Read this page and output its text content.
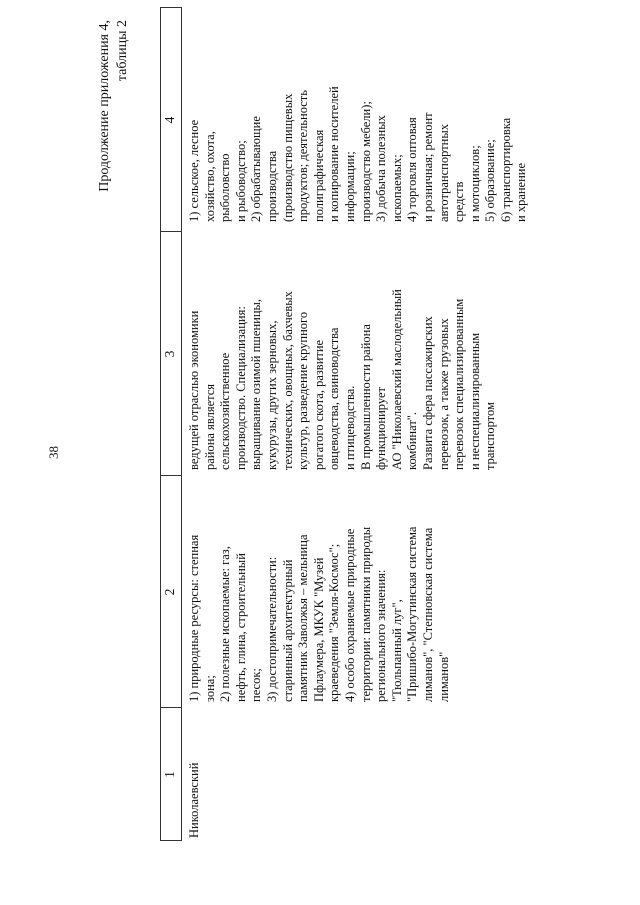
38
Продолжение приложения 4, таблицы 2
1
2
3
4
Николаевский
1) природные ресурсы: степная зона; 2) полезные ископаемые: газ, нефть, глина, строительный песок; 3) достопримечательности: старинный архитектурный памятник Заволжья – мельница Пфлаумера, МКУК "Музей краеведения "Земля-Космос"; 4) особо охраняемые природные территории: памятники природы регионального значения: "Тюльпанный луг", "Пришибо-Могутинская система лиманов", "Степновская система лиманов"
ведущей отраслью экономики района является сельскохозяйственное производство. Специализация: выращивание озимой пшеницы, кукурузы, других зерновых, технических, овощных, бахчевых культур, разведение крупного рогатого скота, развитие овцеводства, свиноводства и птицеводства. В промышленности района функционирует АО "Николаевский маслодельный комбинат". Развита сфера пассажирских перевозок, а также грузовых перевозок специализированным и неспециализированным транспортом
1) сельское, лесное хозяйство, охота, рыболовство и рыбоводство; 2) обрабатывающие производства (производство пищевых продуктов; деятельность полиграфическая и копирование носителей информации; производство мебели); 3) добыча полезных ископаемых; 4) торговля оптовая и розничная; ремонт автотранспортных средств и мотоциклов; 5) образование; 6) транспортировка и хранение
